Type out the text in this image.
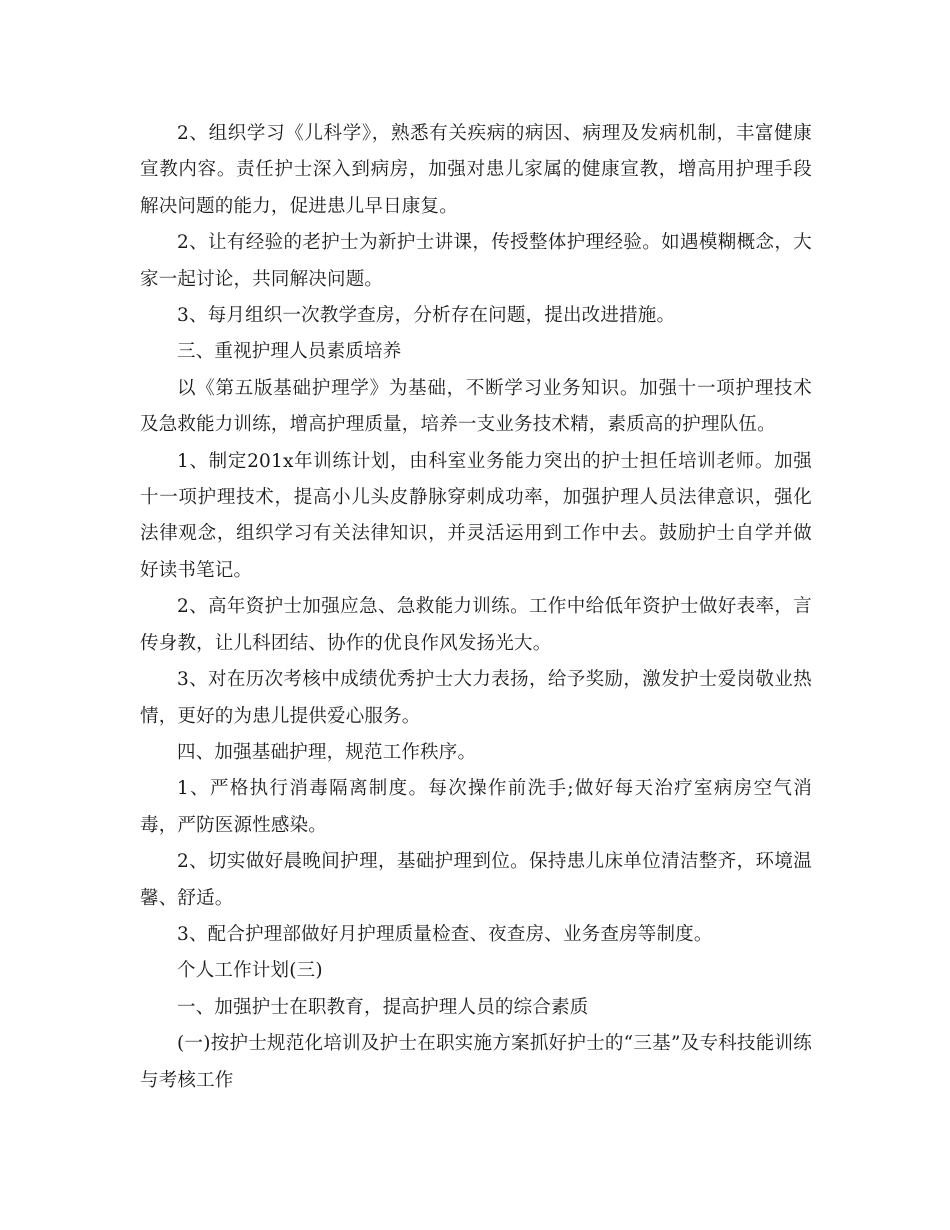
2、组织学习《儿科学》，熟悉有关疾病的病因、病理及发病机制，丰富健康宣教内容。责任护士深入到病房，加强对患儿家属的健康宣教，增高用护理手段解决问题的能力，促进患儿早日康复。

2、让有经验的老护士为新护士讲课，传授整体护理经验。如遇模糊概念，大家一起讨论，共同解决问题。

3、每月组织一次教学查房，分析存在问题，提出改进措施。

三、重视护理人员素质培养

以《第五版基础护理学》为基础，不断学习业务知识。加强十一项护理技术及急救能力训练，增高护理质量，培养一支业务技术精，素质高的护理队伍。

1、制定201x年训练计划，由科室业务能力突出的护士担任培训老师。加强十一项护理技术，提高小儿头皮静脉穿刺成功率，加强护理人员法律意识，强化法律观念，组织学习有关法律知识，并灵活运用到工作中去。鼓励护士自学并做好读书笔记。

2、高年资护士加强应急、急救能力训练。工作中给低年资护士做好表率，言传身教，让儿科团结、协作的优良作风发扬光大。

3、对在历次考核中成绩优秀护士大力表扬，给予奖励，激发护士爱岗敬业热情，更好的为患儿提供爱心服务。

四、加强基础护理，规范工作秩序。

1、严格执行消毒隔离制度。每次操作前洗手;做好每天治疗室病房空气消毒，严防医源性感染。

2、切实做好晨晚间护理，基础护理到位。保持患儿床单位清洁整齐，环境温馨、舒适。

3、配合护理部做好月护理质量检查、夜查房、业务查房等制度。

个人工作计划(三)

一、加强护士在职教育，提高护理人员的综合素质

(一)按护士规范化培训及护士在职实施方案抓好护士的“三基”及专科技能训练与考核工作
